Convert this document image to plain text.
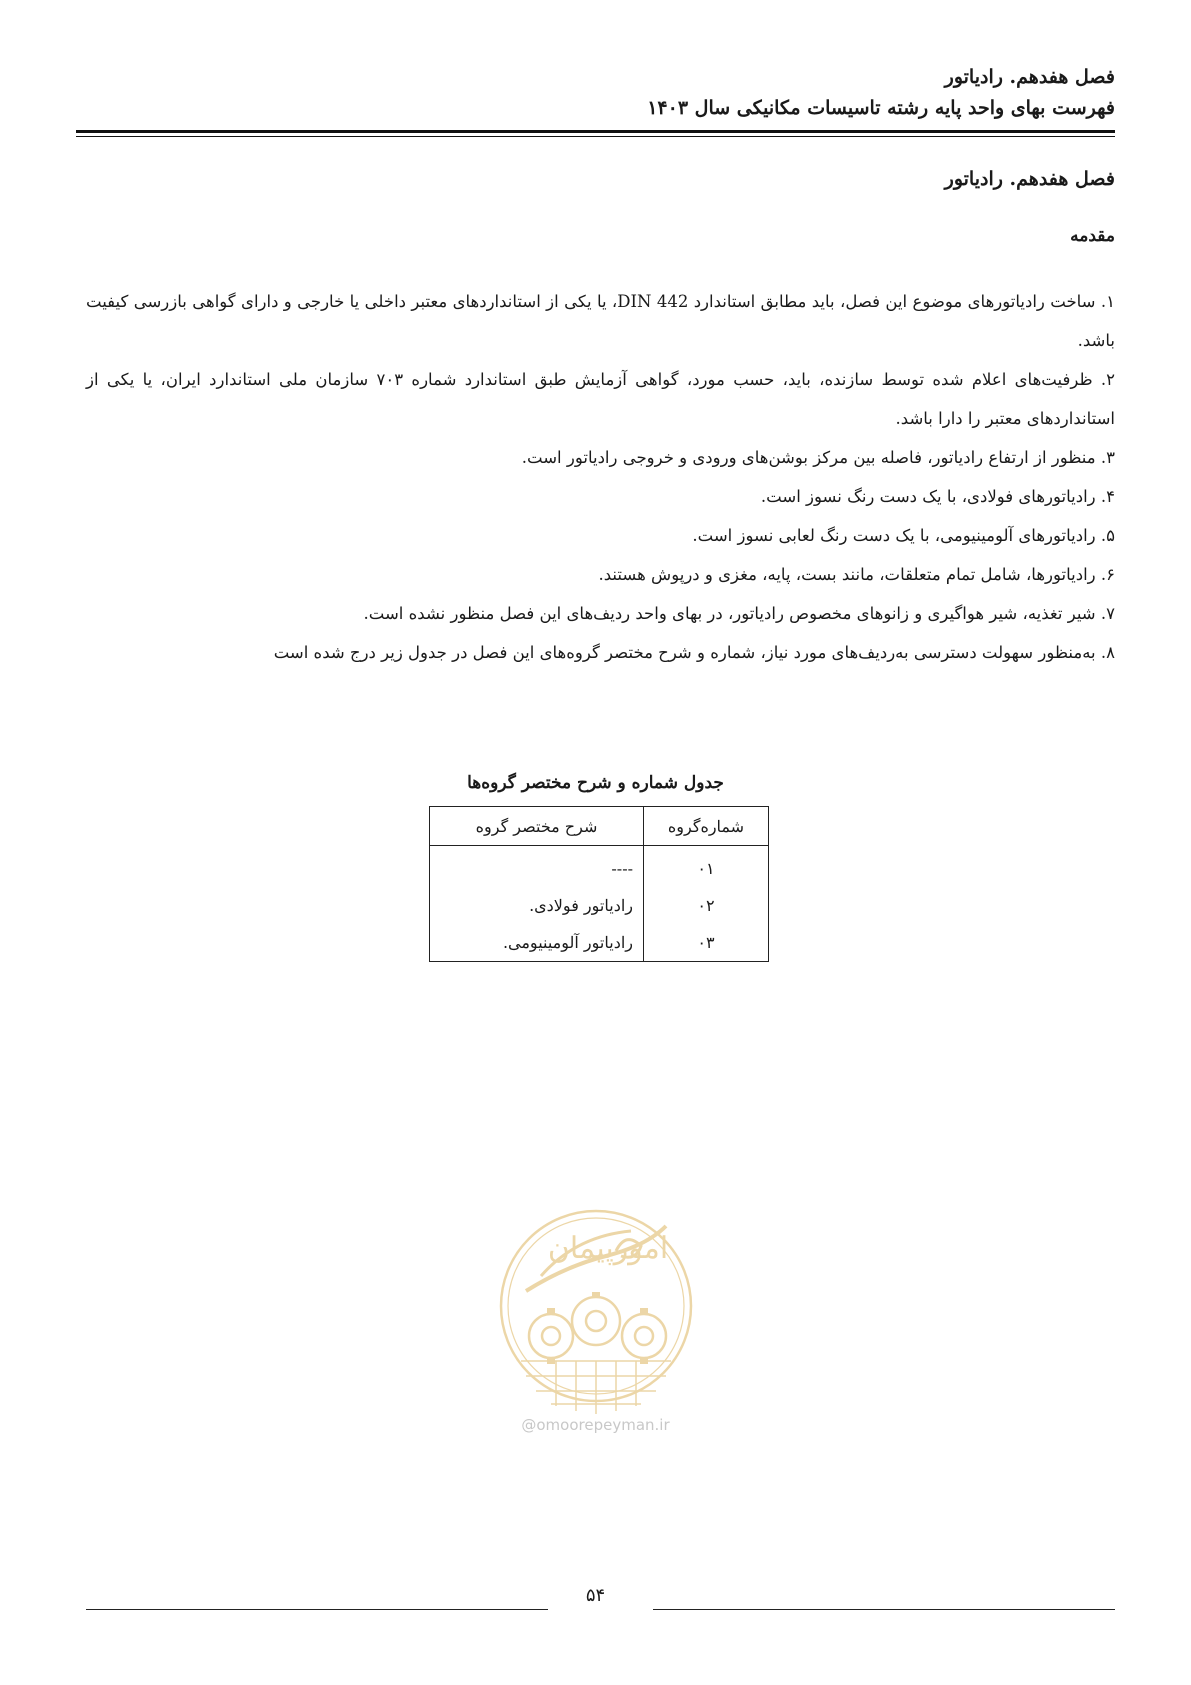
فصل هفدهم. رادیاتور
فهرست بهای واحد پایه رشته تاسیسات مکانیکی سال ۱۴۰۳
فصل هفدهم. رادیاتور
مقدمه

۱. ساخت رادیاتورهای موضوع این فصل، باید مطابق استاندارد DIN 442، یا یکی از استانداردهای معتبر داخلی یا خارجی و دارای گواهی بازرسی کیفیت باشد.

۲. ظرفیت‌های اعلام شده توسط سازنده، باید، حسب مورد، گواهی آزمایش طبق استاندارد شماره ۷۰۳ سازمان ملی استاندارد ایران، یا یکی از استانداردهای معتبر را دارا باشد.

۳. منظور از ارتفاع رادیاتور، فاصله بین مرکز بوشن‌های ورودی و خروجی رادیاتور است.

۴. رادیاتورهای فولادی، با یک دست رنگ نسوز است.

۵. رادیاتورهای آلومینیومی، با یک دست رنگ لعابی نسوز است.

۶. رادیاتورها، شامل تمام متعلقات، مانند بست، پایه، مغزی و درپوش هستند.

۷. شیر تغذیه، شیر هواگیری و زانوهای مخصوص رادیاتور، در بهای واحد ردیف‌های این فصل منظور نشده است.

۸. به‌منظور سهولت دسترسی به‌ردیف‌های مورد نیاز، شماره و شرح مختصر گروه‌های این فصل در جدول زیر درج شده است

جدول شماره و شرح مختصر گروه‌ها
شماره‌گروه	شرح مختصر گروه
۰۱	----
۰۲	رادیاتور فولادی.
۰۳	رادیاتور آلومینیومی.
امورپیمان
@omoorepeyman.ir
۵۴
